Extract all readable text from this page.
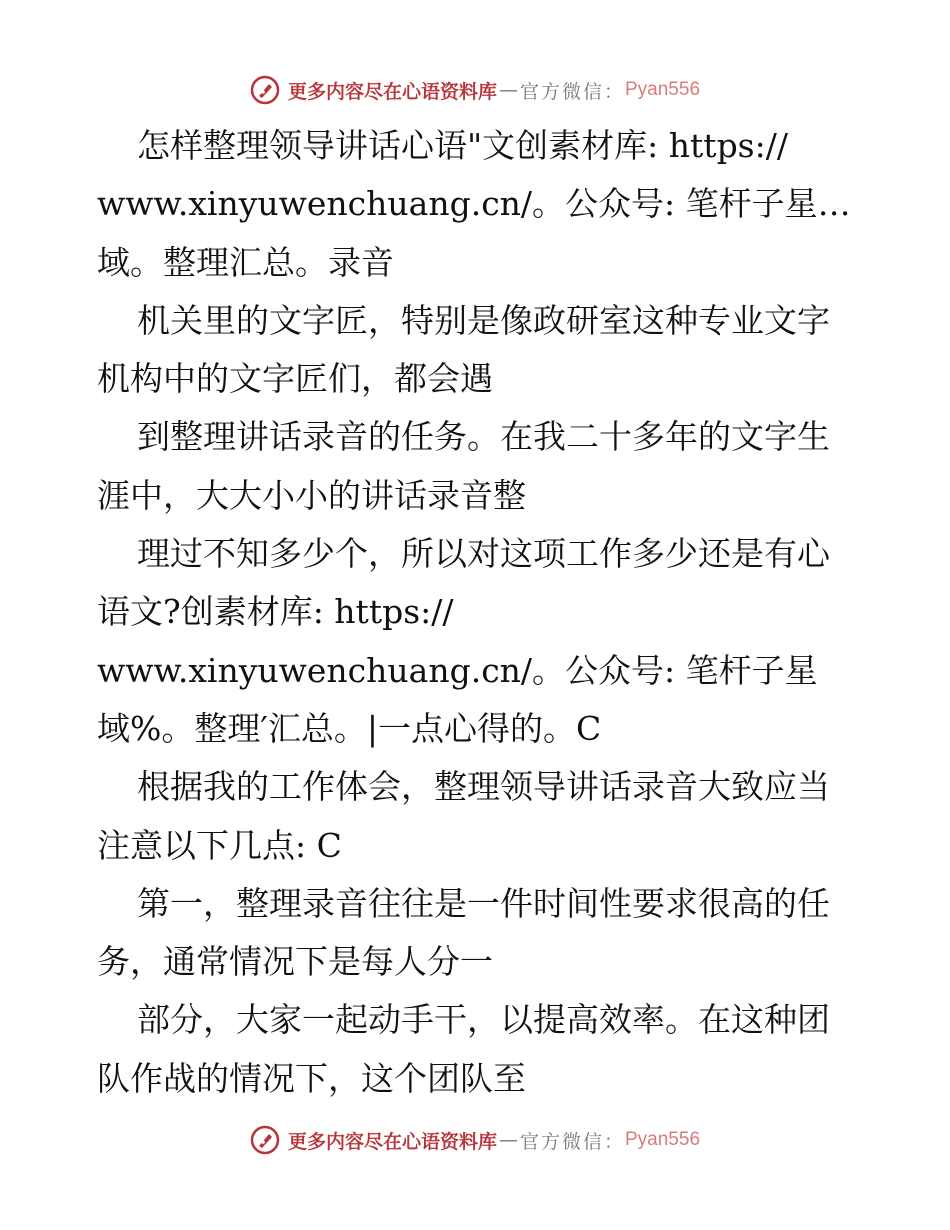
更多内容尽在心语资料库 — 官方微信： Pyan556
怎样整理领导讲话心语"文创素材库: https://
www.xinyuwenchuang.cn/。公众号: 笔杆子星…
域。整理汇总。录音
机关里的文字匠，特别是像政研室这种专业文字
机构中的文字匠们，都会遇
到整理讲话录音的任务。在我二十多年的文字生
涯中，大大小小的讲话录音整
理过不知多少个，所以对这项工作多少还是有心
语文?创素材库: https://
www.xinyuwenchuang.cn/。公众号: 笔杆子星
域%。整理′汇总。|一点心得的。C
根据我的工作体会，整理领导讲话录音大致应当
注意以下几点: C
第一，整理录音往往是一件时间性要求很高的任
务，通常情况下是每人分一
部分，大家一起动手干，以提高效率。在这种团
队作战的情况下，这个团队至
更多内容尽在心语资料库 — 官方微信： Pyan556
